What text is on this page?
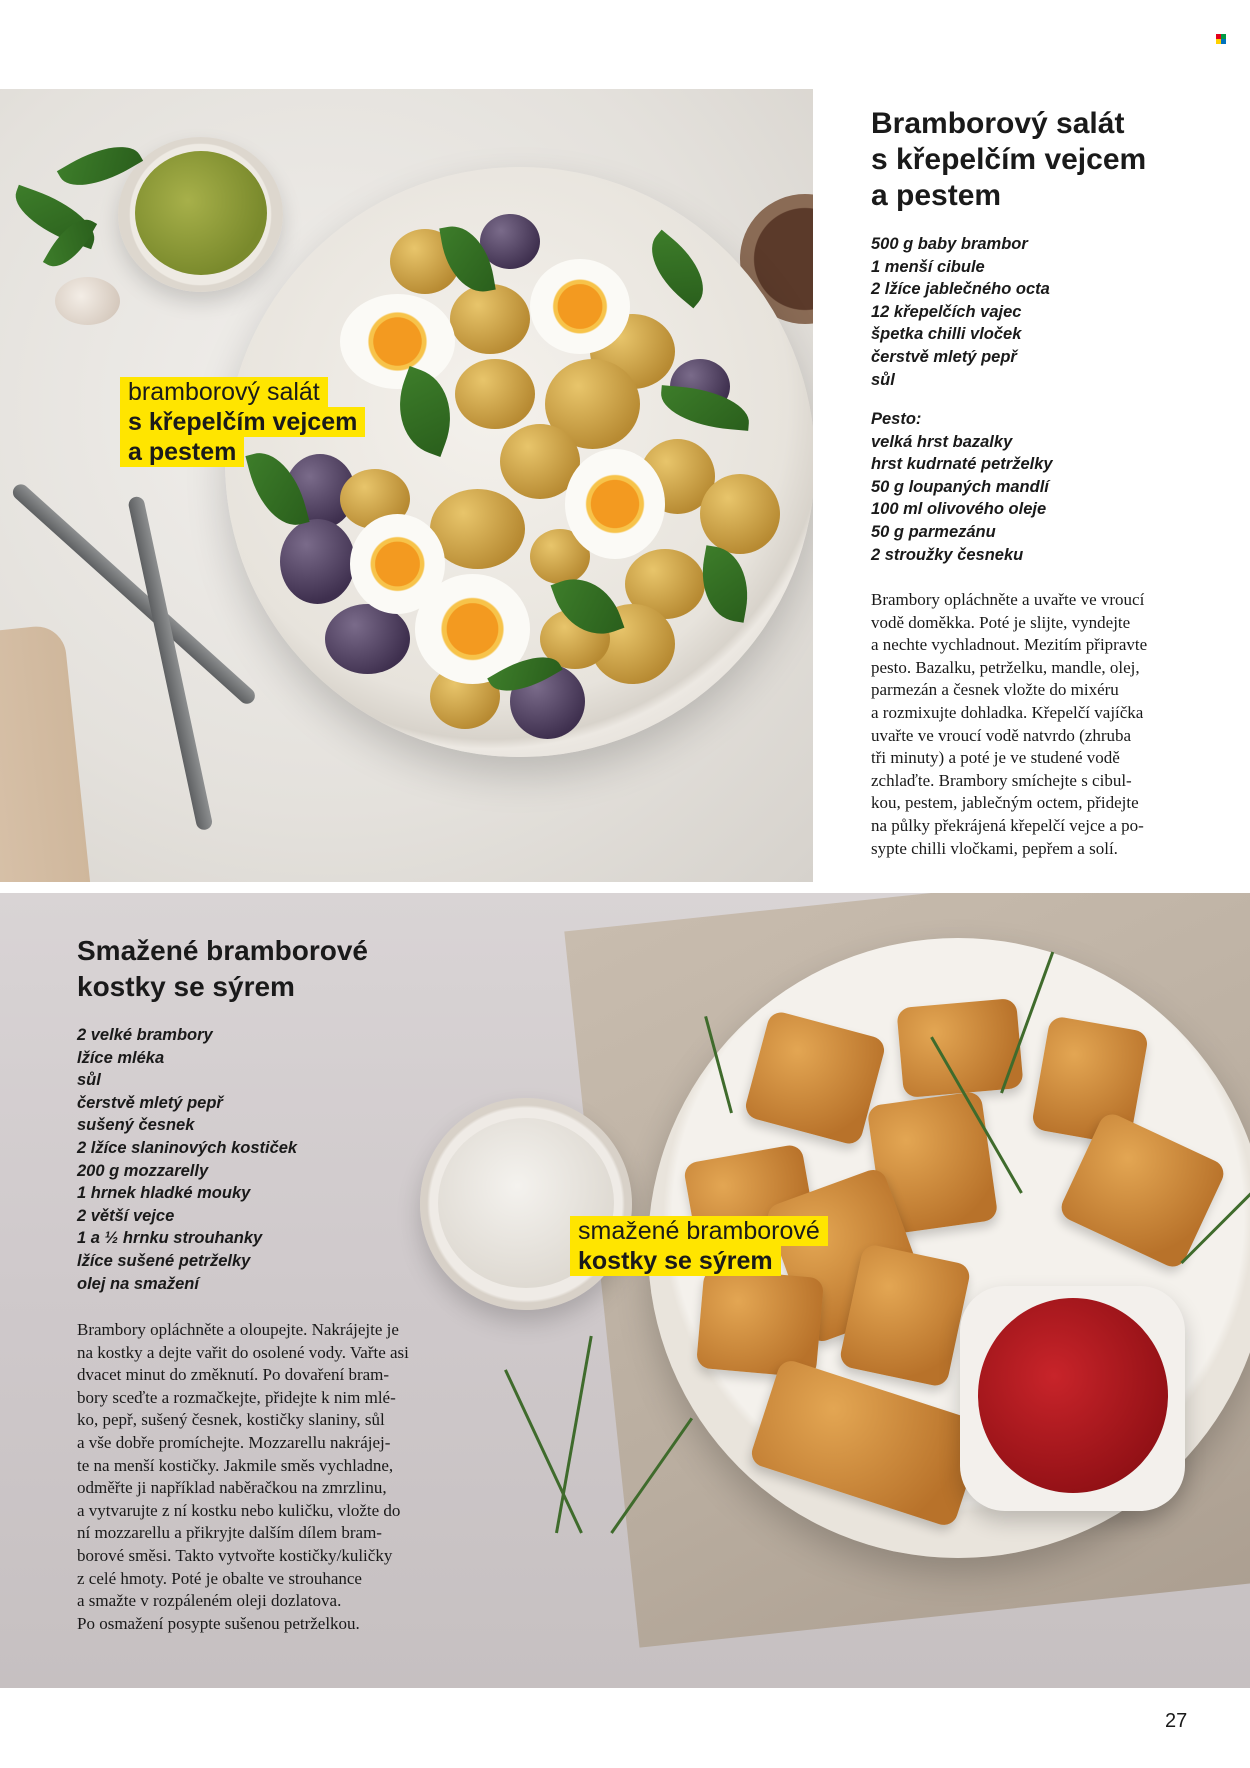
bramborový salát
s křepelčím vejcem
a pestem
Bramborový salát
s křepelčím vejcem
a pestem
500 g baby brambor
1 menší cibule
2 lžíce jablečného octa
12 křepelčích vajec
špetka chilli vloček
čerstvě mletý pepř
sůl
Pesto:
velká hrst bazalky
hrst kudrnaté petrželky
50 g loupaných mandlí
100 ml olivového oleje
50 g parmezánu
2 stroužky česneku
Brambory opláchněte a uvařte ve vroucí
vodě doměkka. Poté je slijte, vyndejte
a nechte vychladnout. Mezitím připravte
pesto. Bazalku, petrželku, mandle, olej,
parmezán a česnek vložte do mixéru
a rozmixujte dohladka. Křepelčí vajíčka
uvařte ve vroucí vodě natvrdo (zhruba
tři minuty) a poté je ve studené vodě
zchlaďte. Brambory smíchejte s cibul-
kou, pestem, jablečným octem, přidejte
na půlky překrájená křepelčí vejce a po-
sypte chilli vločkami, pepřem a solí.
smažené bramborové
kostky se sýrem
Smažené bramborové
kostky se sýrem
2 velké brambory
lžíce mléka
sůl
čerstvě mletý pepř
sušený česnek
2 lžíce slaninových kostiček
200 g mozzarelly
1 hrnek hladké mouky
2 větší vejce
1 a ½ hrnku strouhanky
lžíce sušené petrželky
olej na smažení
Brambory opláchněte a oloupejte. Nakrájejte je
na kostky a dejte vařit do osolené vody. Vařte asi
dvacet minut do změknutí. Po dovaření bram-
bory sceďte a rozmačkejte, přidejte k nim mlé-
ko, pepř, sušený česnek, kostičky slaniny, sůl
a vše dobře promíchejte. Mozzarellu nakrájej-
te na menší kostičky. Jakmile směs vychladne,
odměřte ji například naběračkou na zmrzlinu,
a vytvarujte z ní kostku nebo kuličku, vložte do
ní mozzarellu a přikryjte dalším dílem bram-
borové směsi. Takto vytvořte kostičky/kuličky
z celé hmoty. Poté je obalte ve strouhance
a smažte v rozpáleném oleji dozlatova.
Po osmažení posypte sušenou petrželkou.
27
